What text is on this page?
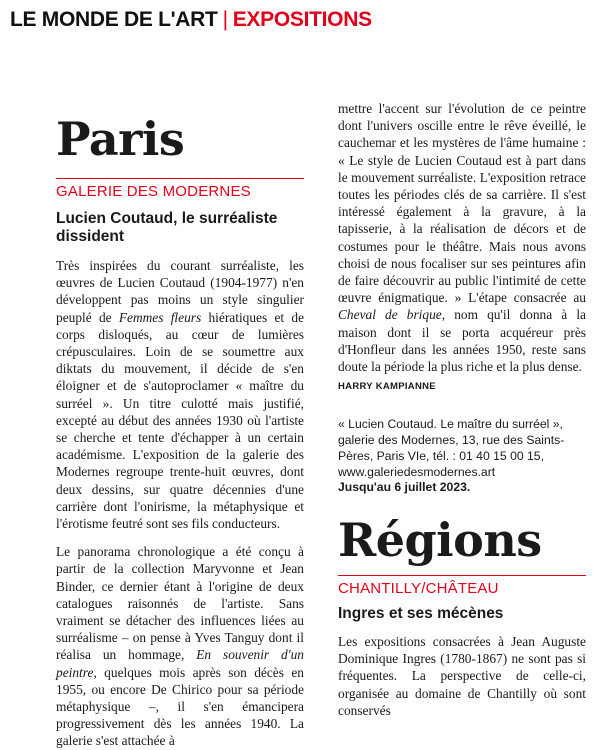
LE MONDE DE L'ART | EXPOSITIONS
Paris
GALERIE DES MODERNES
Lucien Coutaud, le surréaliste dissident

Très inspirées du courant surréaliste, les œuvres de Lucien Coutaud (1904-1977) n'en développent pas moins un style singulier peuplé de Femmes fleurs hiératiques et de corps disloqués, au cœur de lumières crépusculaires. Loin de se soumettre aux diktats du mouvement, il décide de s'en éloigner et de s'autoproclamer « maître du surréel ». Un titre culotté mais justifié, excepté au début des années 1930 où l'artiste se cherche et tente d'échapper à un certain académisme. L'exposition de la galerie des Modernes regroupe trente-huit œuvres, dont deux dessins, sur quatre décennies d'une carrière dont l'onirisme, la métaphysique et l'érotisme feutré sont ses fils conducteurs.

Le panorama chronologique a été conçu à partir de la collection Maryvonne et Jean Binder, ce dernier étant à l'origine de deux catalogues raisonnés de l'artiste. Sans vraiment se détacher des influences liées au surréalisme – on pense à Yves Tanguy dont il réalisa un hommage, En souvenir d'un peintre, quelques mois après son décès en 1955, ou encore De Chirico pour sa période métaphysique –, il s'en émancipera progressivement dès les années 1940. La galerie s'est attachée à

mettre l'accent sur l'évolution de ce peintre dont l'univers oscille entre le rêve éveillé, le cauchemar et les mystères de l'âme humaine : « Le style de Lucien Coutaud est à part dans le mouvement surréaliste. L'exposition retrace toutes les périodes clés de sa carrière. Il s'est intéressé également à la gravure, à la tapisserie, à la réalisation de décors et de costumes pour le théâtre. Mais nous avons choisi de nous focaliser sur ses peintures afin de faire découvrir au public l'intimité de cette œuvre énigmatique. » L'étape consacrée au Cheval de brique, nom qu'il donna à la maison dont il se porta acquéreur près d'Honfleur dans les années 1950, reste sans doute la période la plus riche et la plus dense.

HARRY KAMPIANNE
« Lucien Coutaud. Le maître du surréel », galerie des Modernes, 13, rue des Saints-Pères, Paris VIe, tél. : 01 40 15 00 15, www.galeriedesmodernes.art
Jusqu'au 6 juillet 2023.
Régions
CHANTILLY/CHÂTEAU
Ingres et ses mécènes

Les expositions consacrées à Jean Auguste Dominique Ingres (1780-1867) ne sont pas si fréquentes. La perspective de celle-ci, organisée au domaine de Chantilly où sont conservés
